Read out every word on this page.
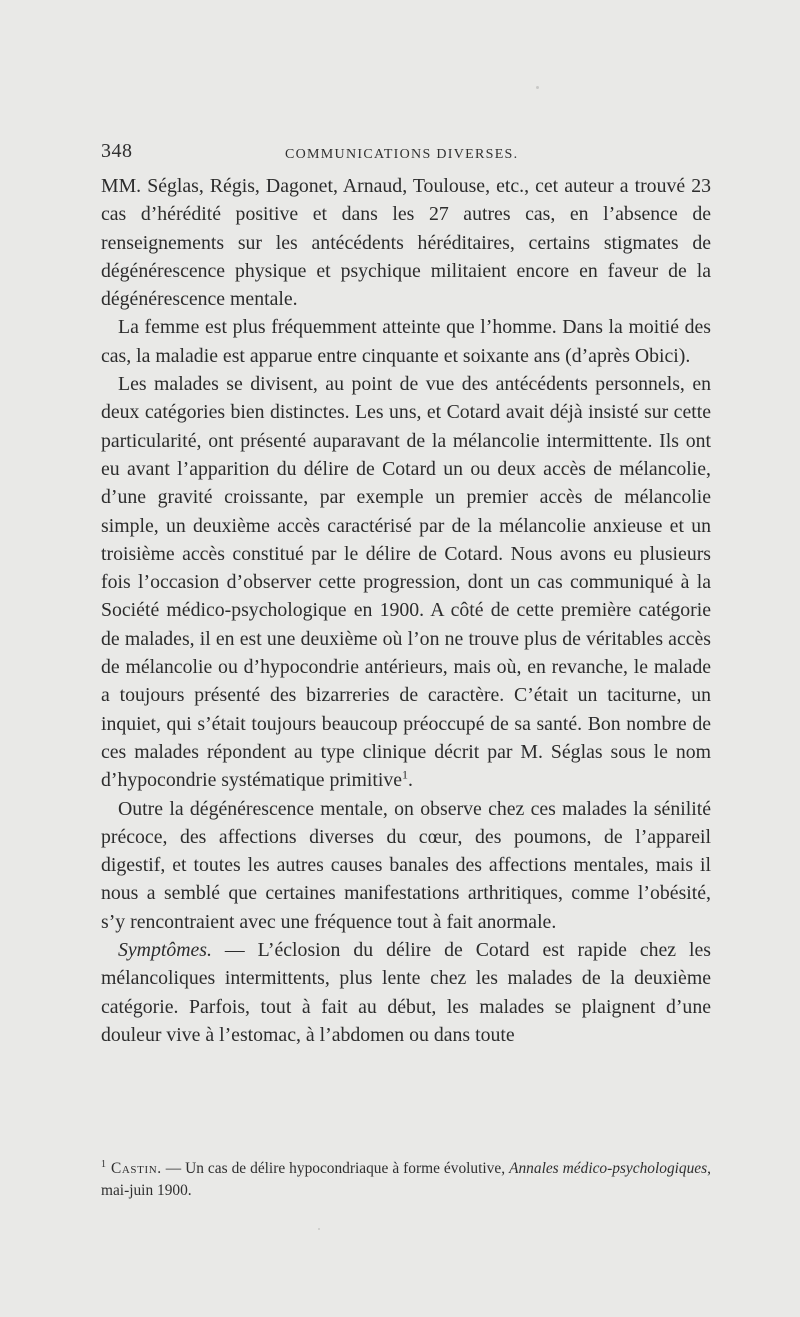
348	COMMUNICATIONS DIVERSES.

MM. Séglas, Régis, Dagonet, Arnaud, Toulouse, etc., cet auteur a trouvé 23 cas d’hérédité positive et dans les 27 autres cas, en l’absence de renseignements sur les antécédents héréditaires, certains stigmates de dégénérescence physique et psychique militaient encore en faveur de la dégénérescence mentale.

La femme est plus fréquemment atteinte que l’homme. Dans la moitié des cas, la maladie est apparue entre cinquante et soixante ans (d’après Obici).

Les malades se divisent, au point de vue des antécédents personnels, en deux catégories bien distinctes. Les uns, et Cotard avait déjà insisté sur cette particularité, ont présenté auparavant de la mélancolie intermittente. Ils ont eu avant l’apparition du délire de Cotard un ou deux accès de mélancolie, d’une gravité croissante, par exemple un premier accès de mélancolie simple, un deuxième accès caractérisé par de la mélancolie anxieuse et un troisième accès constitué par le délire de Cotard. Nous avons eu plusieurs fois l’occasion d’observer cette progression, dont un cas communiqué à la Société médico-psychologique en 1900. A côté de cette première catégorie de malades, il en est une deuxième où l’on ne trouve plus de véritables accès de mélancolie ou d’hypocondrie antérieurs, mais où, en revanche, le malade a toujours présenté des bizarreries de caractère. C’était un taciturne, un inquiet, qui s’était toujours beaucoup préoccupé de sa santé. Bon nombre de ces malades répondent au type clinique décrit par M. Séglas sous le nom d’hypocondrie systématique primitive$^1$.

Outre la dégénérescence mentale, on observe chez ces malades la sénilité précoce, des affections diverses du cœur, des poumons, de l’appareil digestif, et toutes les autres causes banales des affections mentales, mais il nous a semblé que certaines manifestations arthritiques, comme l’obésité, s’y rencontraient avec une fréquence tout à fait anormale.

Symptômes. — L’éclosion du délire de Cotard est rapide chez les mélancoliques intermittents, plus lente chez les malades de la deuxième catégorie. Parfois, tout à fait au début, les malades se plaignent d’une douleur vive à l’estomac, à l’abdomen ou dans toute

$^1$ Castin. — Un cas de délire hypocondriaque à forme évolutive, Annales médico-psychologiques, mai-juin 1900.
